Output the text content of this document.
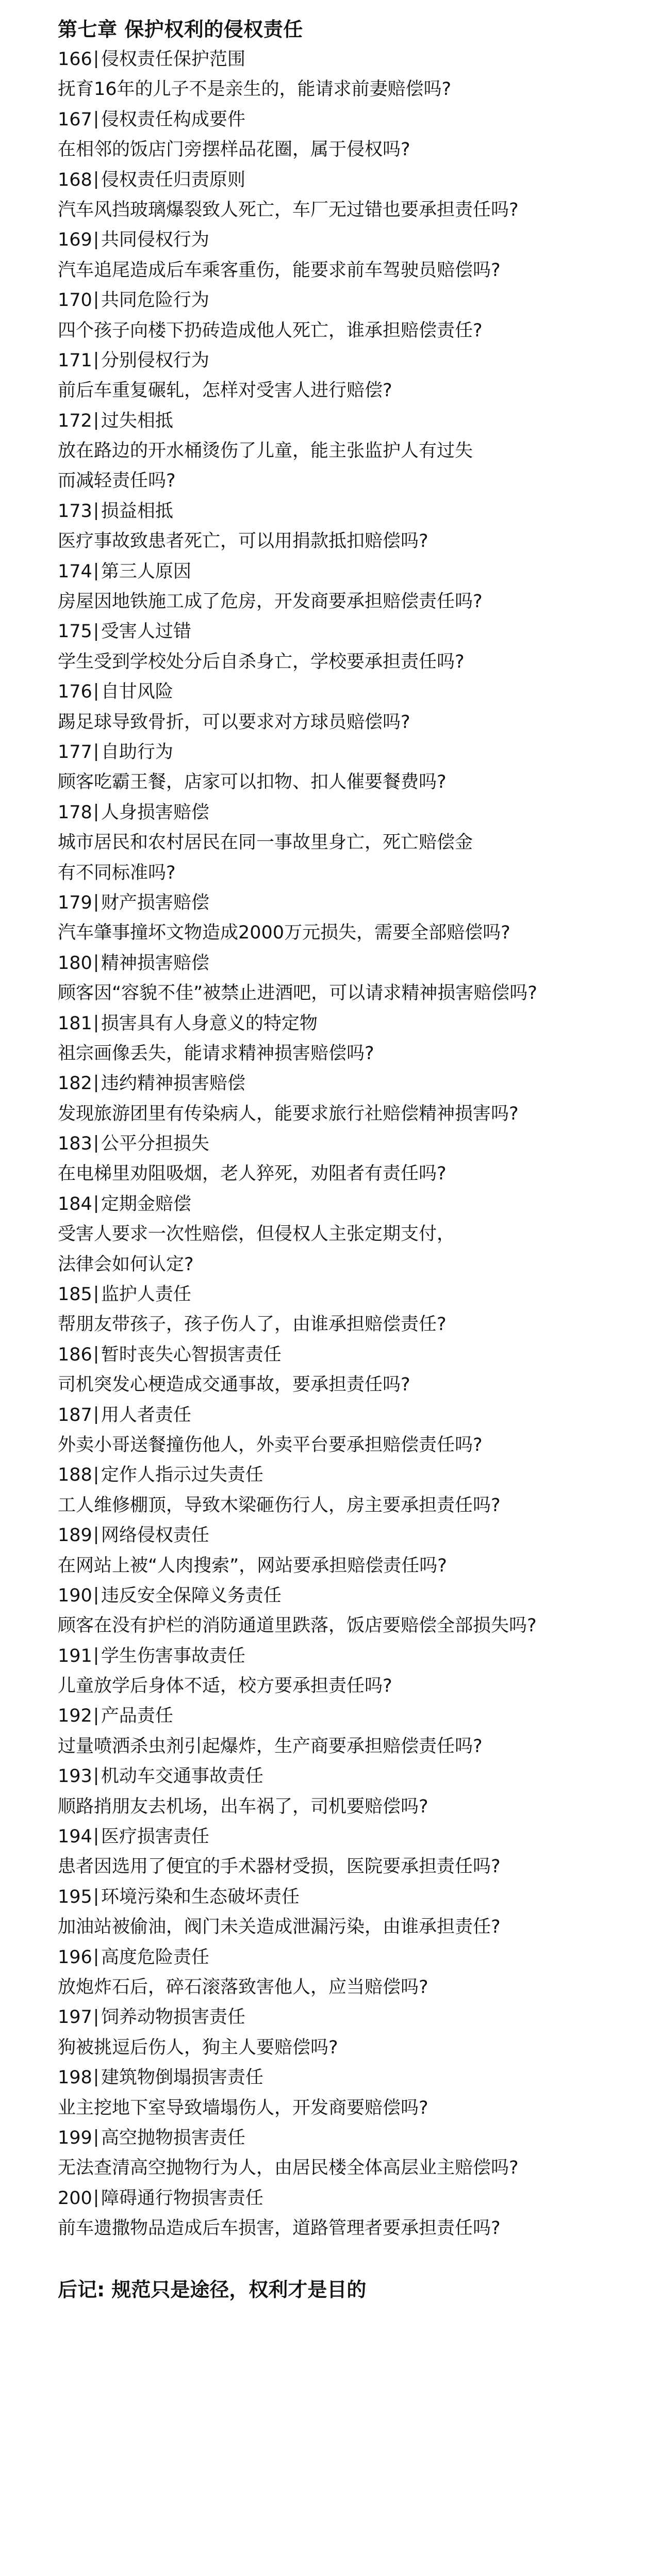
第七章 保护权利的侵权责任
166 侵权责任保护范围
抚育16年的儿子不是亲生的，能请求前妻赔偿吗?
167 侵权责任构成要件
在相邻的饭店门旁摆样品花圈，属于侵权吗?
168 侵权责任归责原则
汽车风挡玻璃爆裂致人死亡，车厂无过错也要承担责任吗?
169 共同侵权行为
汽车追尾造成后车乘客重伤，能要求前车驾驶员赔偿吗?
170 共同危险行为
四个孩子向楼下扔砖造成他人死亡，谁承担赔偿责任?
171 分别侵权行为
前后车重复碾轧，怎样对受害人进行赔偿?
172 过失相抵
放在路边的开水桶烫伤了儿童，能主张监护人有过失
而减轻责任吗?
173 损益相抵
医疗事故致患者死亡，可以用捐款抵扣赔偿吗?
174 第三人原因
房屋因地铁施工成了危房，开发商要承担赔偿责任吗?
175 受害人过错
学生受到学校处分后自杀身亡，学校要承担责任吗?
176 自甘风险
踢足球导致骨折，可以要求对方球员赔偿吗?
177 自助行为
顾客吃霸王餐，店家可以扣物、扣人催要餐费吗?
178 人身损害赔偿
城市居民和农村居民在同一事故里身亡，死亡赔偿金
有不同标准吗?
179 财产损害赔偿
汽车肇事撞坏文物造成2000万元损失，需要全部赔偿吗?
180 精神损害赔偿
顾客因“容貌不佳”被禁止进酒吧，可以请求精神损害赔偿吗?
181 损害具有人身意义的特定物
祖宗画像丢失，能请求精神损害赔偿吗?
182 违约精神损害赔偿
发现旅游团里有传染病人，能要求旅行社赔偿精神损害吗?
183 公平分担损失
在电梯里劝阻吸烟，老人猝死，劝阻者有责任吗?
184 定期金赔偿
受害人要求一次性赔偿，但侵权人主张定期支付，
法律会如何认定?
185 监护人责任
帮朋友带孩子，孩子伤人了，由谁承担赔偿责任?
186 暂时丧失心智损害责任
司机突发心梗造成交通事故，要承担责任吗?
187 用人者责任
外卖小哥送餐撞伤他人，外卖平台要承担赔偿责任吗?
188 定作人指示过失责任
工人维修棚顶，导致木梁砸伤行人，房主要承担责任吗?
189 网络侵权责任
在网站上被“人肉搜索”，网站要承担赔偿责任吗?
190 违反安全保障义务责任
顾客在没有护栏的消防通道里跌落，饭店要赔偿全部损失吗?
191 学生伤害事故责任
儿童放学后身体不适，校方要承担责任吗?
192 产品责任
过量喷洒杀虫剂引起爆炸，生产商要承担赔偿责任吗?
193 机动车交通事故责任
顺路捎朋友去机场，出车祸了，司机要赔偿吗?
194 医疗损害责任
患者因选用了便宜的手术器材受损，医院要承担责任吗?
195 环境污染和生态破坏责任
加油站被偷油，阀门未关造成泄漏污染，由谁承担责任?
196 高度危险责任
放炮炸石后，碎石滚落致害他人，应当赔偿吗?
197 饲养动物损害责任
狗被挑逗后伤人，狗主人要赔偿吗?
198 建筑物倒塌损害责任
业主挖地下室导致墙塌伤人，开发商要赔偿吗?
199 高空抛物损害责任
无法查清高空抛物行为人，由居民楼全体高层业主赔偿吗?
200 障碍通行物损害责任
前车遗撒物品造成后车损害，道路管理者要承担责任吗?
后记: 规范只是途径，权利才是目的
